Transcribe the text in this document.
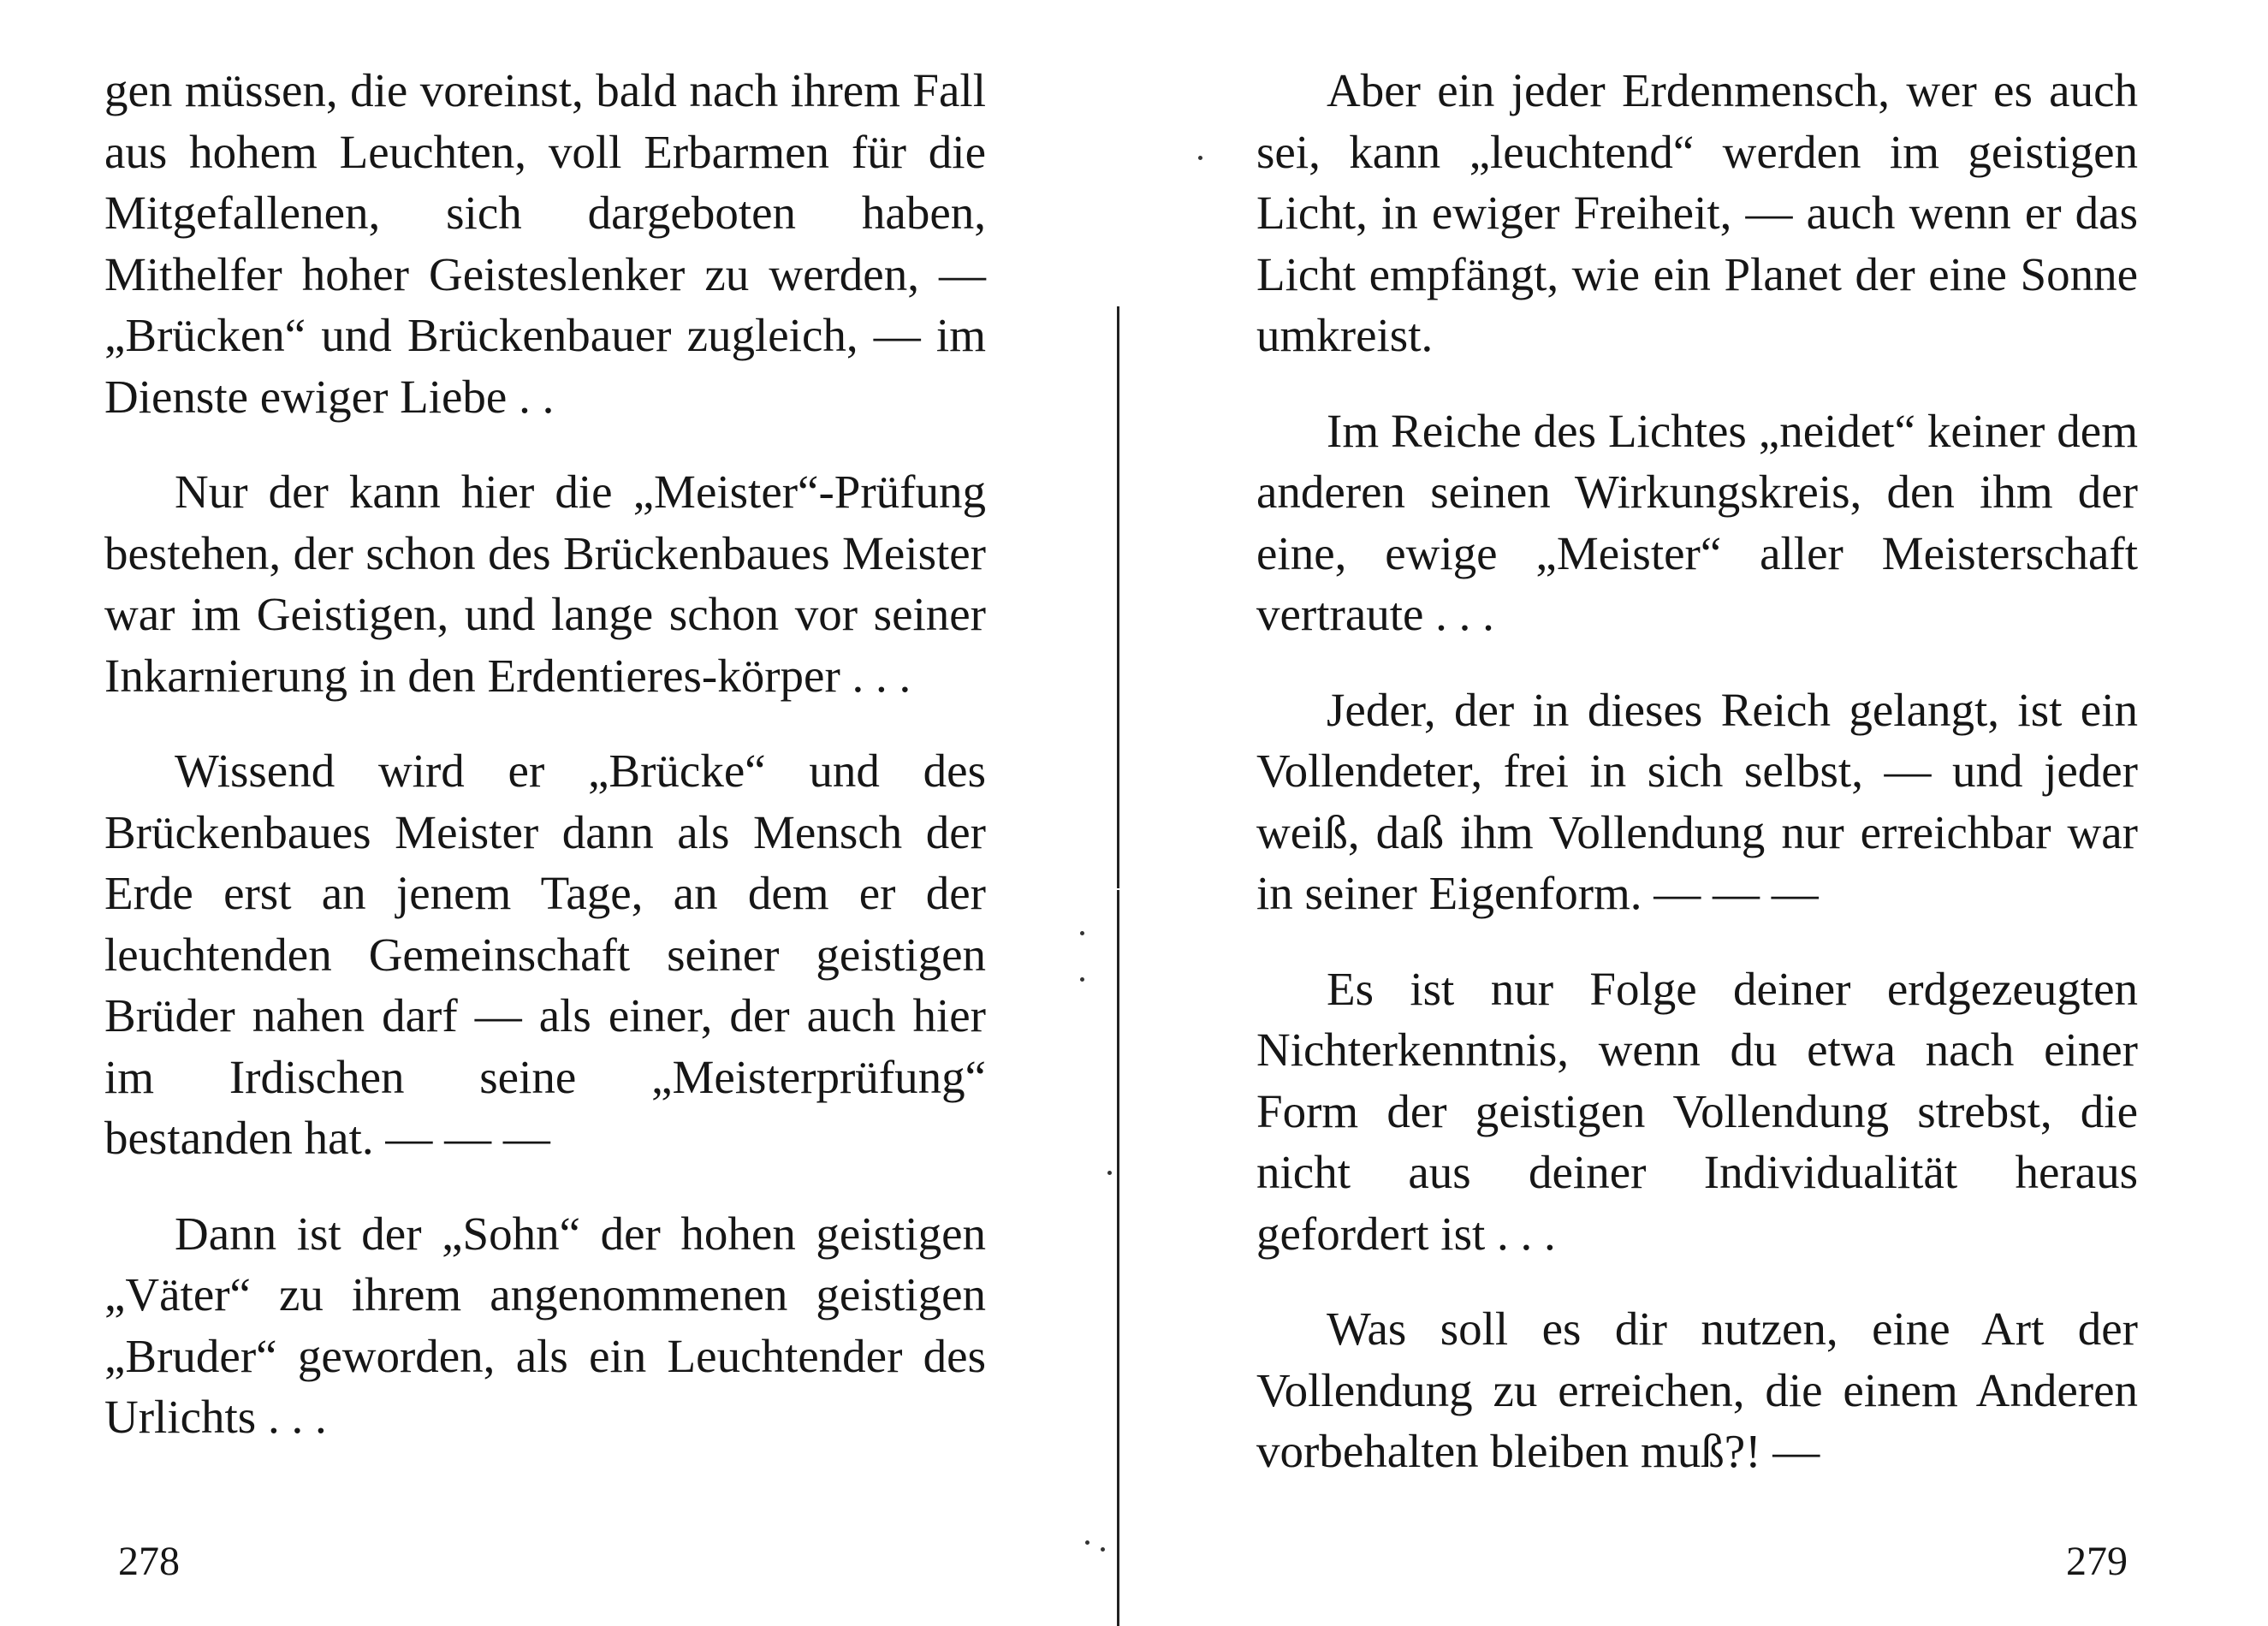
gen müssen, die voreinst, bald nach ihrem Fall aus hohem Leuchten, voll Erbarmen für die Mitgefallenen, sich dargeboten haben, Mithelfer hoher Geisteslenker zu werden, — „Brücken“ und Brückenbauer zugleich, — im Dienste ewiger Liebe . .

Nur der kann hier die „Meister“-Prüfung bestehen, der schon des Brückenbaues Meister war im Geistigen, und lange schon vor seiner Inkarnierung in den Erdentieres-körper . . .

Wissend wird er „Brücke“ und des Brückenbaues Meister dann als Mensch der Erde erst an jenem Tage, an dem er der leuchtenden Gemeinschaft seiner geistigen Brüder nahen darf — als einer, der auch hier im Irdischen seine „Meisterprüfung“ bestanden hat. — — —

Dann ist der „Sohn“ der hohen geistigen „Väter“ zu ihrem angenommenen geistigen „Bruder“ geworden, als ein Leuchtender des Urlichts . . .

278

Aber ein jeder Erdenmensch, wer es auch sei, kann „leuchtend“ werden im geistigen Licht, in ewiger Freiheit, — auch wenn er das Licht empfängt, wie ein Planet der eine Sonne umkreist.

Im Reiche des Lichtes „neidet“ keiner dem anderen seinen Wirkungskreis, den ihm der eine, ewige „Meister“ aller Meisterschaft vertraute . . .

Jeder, der in dieses Reich gelangt, ist ein Vollendeter, frei in sich selbst, — und jeder weiß, daß ihm Vollendung nur erreichbar war in seiner Eigenform. — — —

Es ist nur Folge deiner erdgezeugten Nichterkenntnis, wenn du etwa nach einer Form der geistigen Vollendung strebst, die nicht aus deiner Individualität heraus gefordert ist . . .

Was soll es dir nutzen, eine Art der Vollendung zu erreichen, die einem Anderen vorbehalten bleiben muß?! —

279
